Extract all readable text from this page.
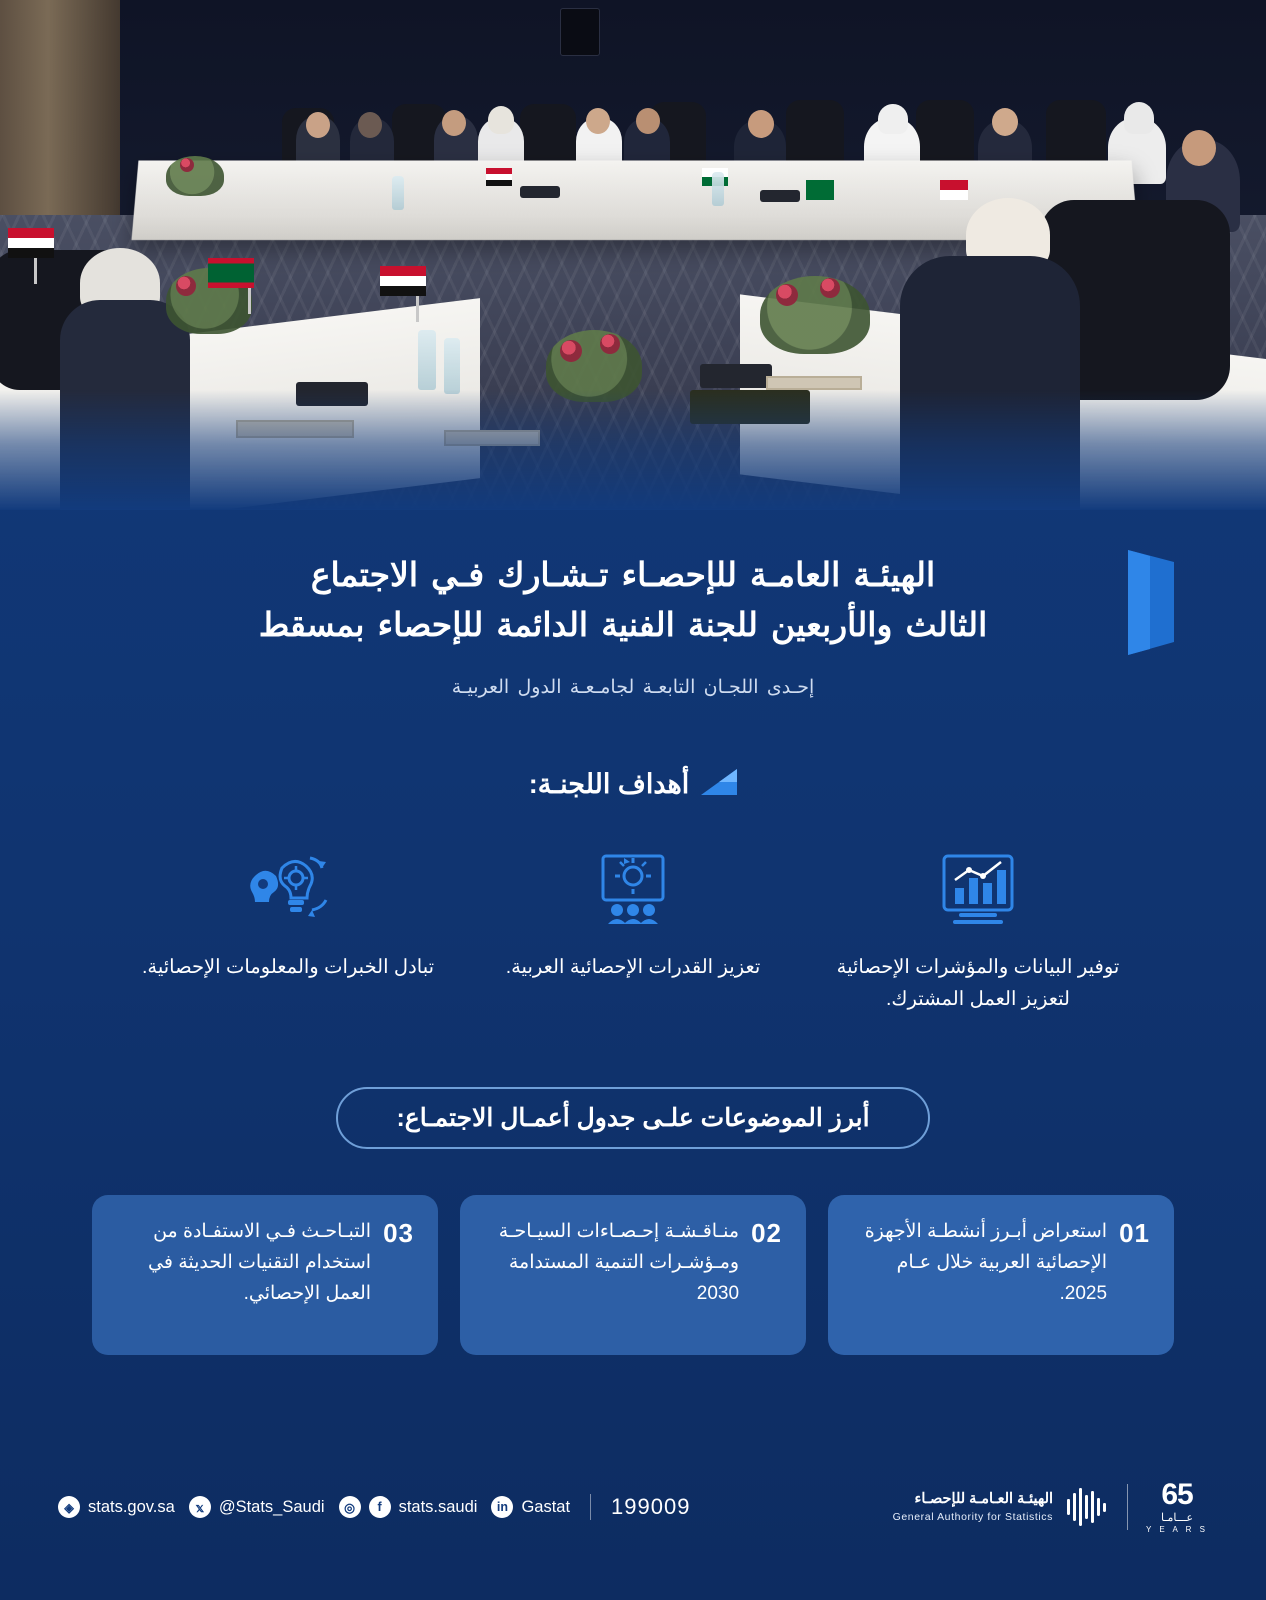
الهيئـة العامـة للإحصـاء تـشـارك فـي الاجتماع
الثالث والأربعين للجنة الفنية الدائمة للإحصاء بمسقط
إحـدى اللجـان التابعـة لجامـعـة الدول العربيـة
أهداف اللجنـة:

توفير البيانات والمؤشرات الإحصائية لتعزيز العمل المشترك.

تعزيز القدرات الإحصائية العربية.

تبادل الخبرات والمعلومات الإحصائية.

أبرز الموضوعات علـى جدول أعمـال الاجتمـاع:
01
استعراض أبـرز أنشطـة الأجهزة الإحصائية العربية خلال عـام 2025.
02
منـاقـشـة إحـصـاءات السيـاحـة ومـؤشـرات التنمية المستدامة 2030
03
التبـاحـث فـي الاستفـادة من استخدام التقنيات الحديثة في العمل الإحصائي.
◈ stats.gov.sa	𝕩 @Stats_Saudi	◎	f	stats.saudi	in Gastat 199009	الهيئـة العـامـة للإحصـاء
General Authority for Statistics
65
عـــامـا
Y E A R S
